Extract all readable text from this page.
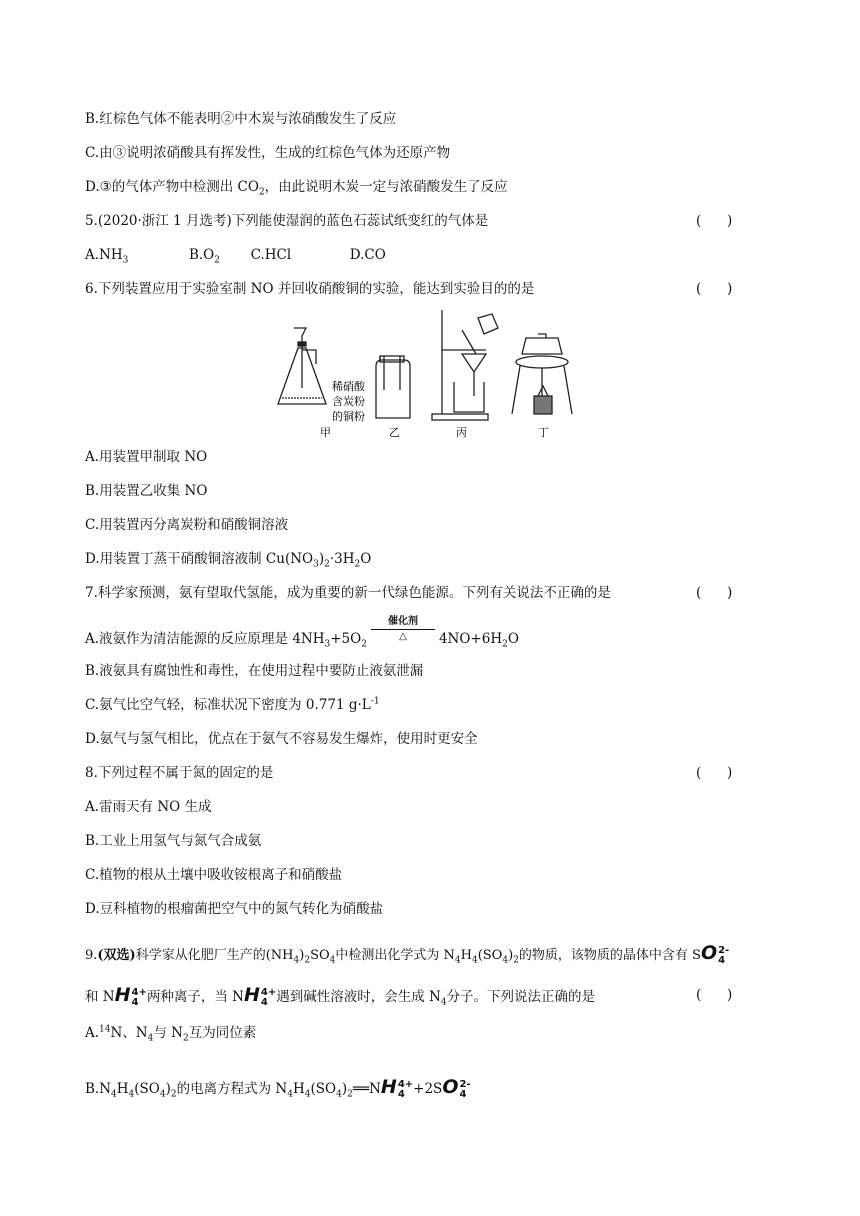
B.红棕色气体不能表明②中木炭与浓硝酸发生了反应
C.由③说明浓硝酸具有挥发性，生成的红棕色气体为还原产物
D.③的气体产物中检测出 $CO_2$，由此说明木炭一定与浓硝酸发生了反应
5.(2020·浙江 1 月选考)下列能使湿润的蓝色石蕊试纸变红的气体是	(      )
$A.NH_3$	$B.O_2$ C.HCl	D.CO
6.下列装置应用于实验室制 NO 并回收硝酸铜的实验，能达到实验目的的是	(      )
稀硝酸
含炭粉
的铜粉
甲	乙	丙	丁
A.用装置甲制取 NO
B.用装置乙收集 NO
C.用装置丙分离炭粉和硝酸铜溶液
D.用装置丁蒸干硝酸铜溶液制 $Cu(NO_3)_2\cdot 3H_2O$
7.科学家预测，氨有望取代氢能，成为重要的新一代绿色能源。下列有关说法不正确的是	(      )
A.液氨作为清洁能源的反应原理是 $4NH_3+5O_2$
催化剂
△	$4NO+6H_2O$
B.液氨具有腐蚀性和毒性，在使用过程中要防止液氨泄漏
C.氨气比空气轻，标准状况下密度为 0.771 $g\cdot L^{-1}$
D.氨气与氢气相比，优点在于氨气不容易发生爆炸，使用时更安全
8.下列过程不属于氮的固定的是	(      )
A.雷雨天有 NO 生成
B.工业上用氢气与氮气合成氨
C.植物的根从土壤中吸收铵根离子和硝酸盐
D.豆科植物的根瘤菌把空气中的氮气转化为硝酸盐
9.(双选)科学家从化肥厂生产的$(NH_4)_2SO_4$中检测出化学式为 $N_4H_4(SO_4)_2$的物质，该物质的晶体中含有 SO 2-
4
和 NH 4+
4 两种离子，当 NH 4+
4 遇到碱性溶液时，会生成 $N_4$分子。下列说法正确的是	(      )
A.$^{14}$N、$N_4$与 $N_2$互为同位素
$B.N_4H_4(SO_4)_2$的电离方程式为 $N_4H_4(SO_4)_2══NH$ 4+
4 +2SO 2-
4
